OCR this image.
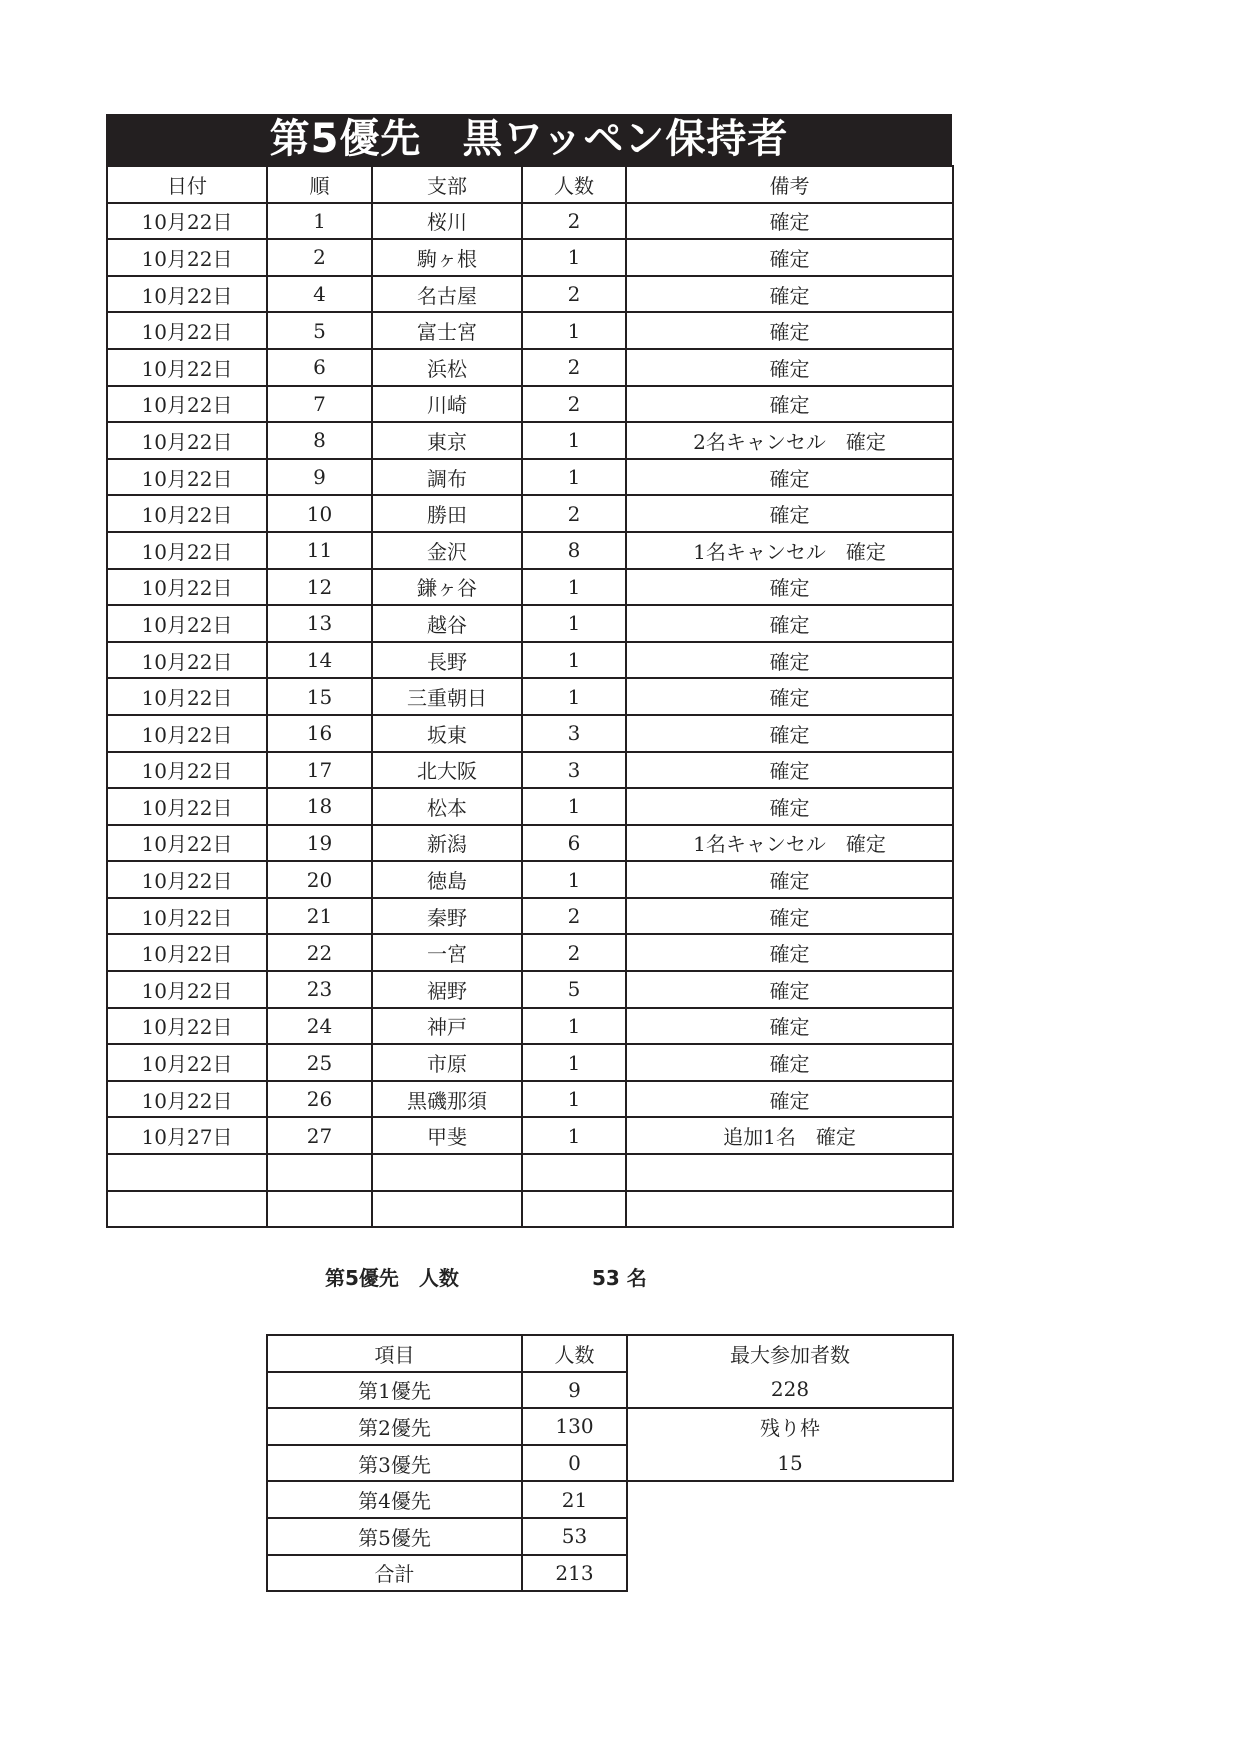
第5優先　黒ワッペン保持者
日付	順	支部	人数	備考
10月22日	1	桜川	2	確定
10月22日	2	駒ヶ根	1	確定
10月22日	4	名古屋	2	確定
10月22日	5	富士宮	1	確定
10月22日	6	浜松	2	確定
10月22日	7	川崎	2	確定
10月22日	8	東京	1	2名キャンセル　確定
10月22日	9	調布	1	確定
10月22日	10	勝田	2	確定
10月22日	11	金沢	8	1名キャンセル　確定
10月22日	12	鎌ヶ谷	1	確定
10月22日	13	越谷	1	確定
10月22日	14	長野	1	確定
10月22日	15	三重朝日	1	確定
10月22日	16	坂東	3	確定
10月22日	17	北大阪	3	確定
10月22日	18	松本	1	確定
10月22日	19	新潟	6	1名キャンセル　確定
10月22日	20	徳島	1	確定
10月22日	21	秦野	2	確定
10月22日	22	一宮	2	確定
10月22日	23	裾野	5	確定
10月22日	24	神戸	1	確定
10月22日	25	市原	1	確定
10月22日	26	黒磯那須	1	確定
10月27日	27	甲斐	1	追加1名　確定

第5優先　人数	53 名
項目	人数	最大参加者数
第1優先	9	228
第2優先	130	残り枠
第3優先	0	15
第4優先	21	
第5優先	53	
合計	213	
